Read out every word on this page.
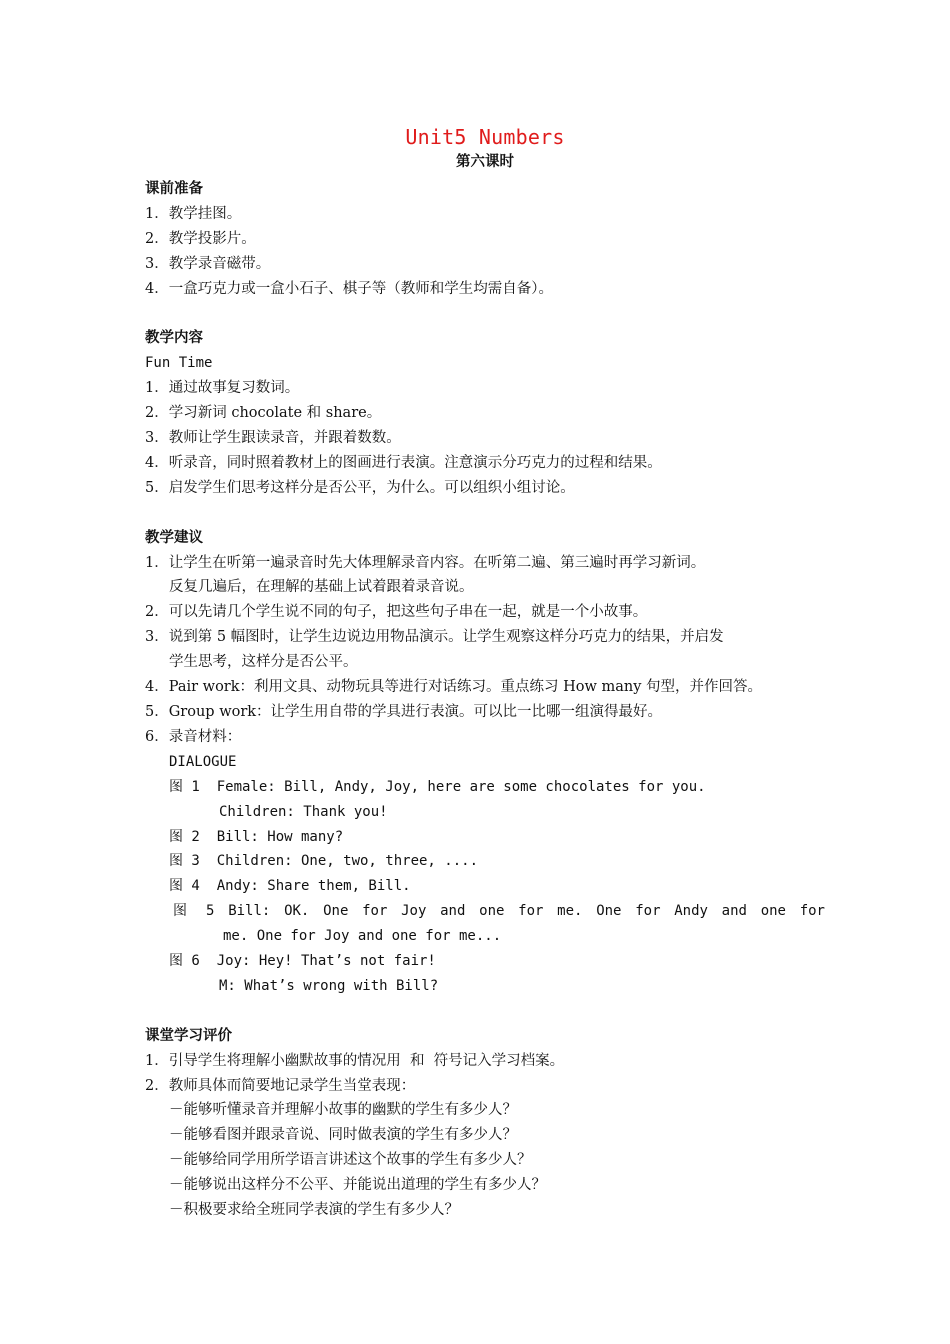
Unit5 Numbers

第六课时

课前准备

1．教学挂图。

2．教学投影片。

3．教学录音磁带。

4．一盒巧克力或一盒小石子、棋子等（教师和学生均需自备）。

教学内容

Fun Time

1．通过故事复习数词。

2．学习新词 chocolate 和 share。

3．教师让学生跟读录音，并跟着数数。

4．听录音，同时照着教材上的图画进行表演。注意演示分巧克力的过程和结果。

5．启发学生们思考这样分是否公平，为什么。可以组织小组讨论。

教学建议

1．让学生在听第一遍录音时先大体理解录音内容。在听第二遍、第三遍时再学习新词。

反复几遍后，在理解的基础上试着跟着录音说。

2．可以先请几个学生说不同的句子，把这些句子串在一起，就是一个小故事。

3．说到第 5 幅图时，让学生边说边用物品演示。让学生观察这样分巧克力的结果，并启发

学生思考，这样分是否公平。

4．Pair work：利用文具、动物玩具等进行对话练习。重点练习 How many 句型，并作回答。

5．Group work：让学生用自带的学具进行表演。可以比一比哪一组演得最好。

6．录音材料：

DIALOGUE

图 1  Female: Bill, Andy, Joy, here are some chocolates for you.

Children: Thank you!

图 2  Bill: How many?

图 3  Children: One, two, three, ....

图 4  Andy: Share them, Bill.

图 5 Bill: OK. One for Joy and one for me. One for Andy and one for

me. One for Joy and one for me...

图 6  Joy: Hey! That’s not fair!

M: What’s wrong with Bill?

课堂学习评价

1．引导学生将理解小幽默故事的情况用  和  符号记入学习档案。

2．教师具体而简要地记录学生当堂表现：

－能够听懂录音并理解小故事的幽默的学生有多少人？

－能够看图并跟录音说、同时做表演的学生有多少人？

－能够给同学用所学语言讲述这个故事的学生有多少人？

－能够说出这样分不公平、并能说出道理的学生有多少人？

－积极要求给全班同学表演的学生有多少人？
